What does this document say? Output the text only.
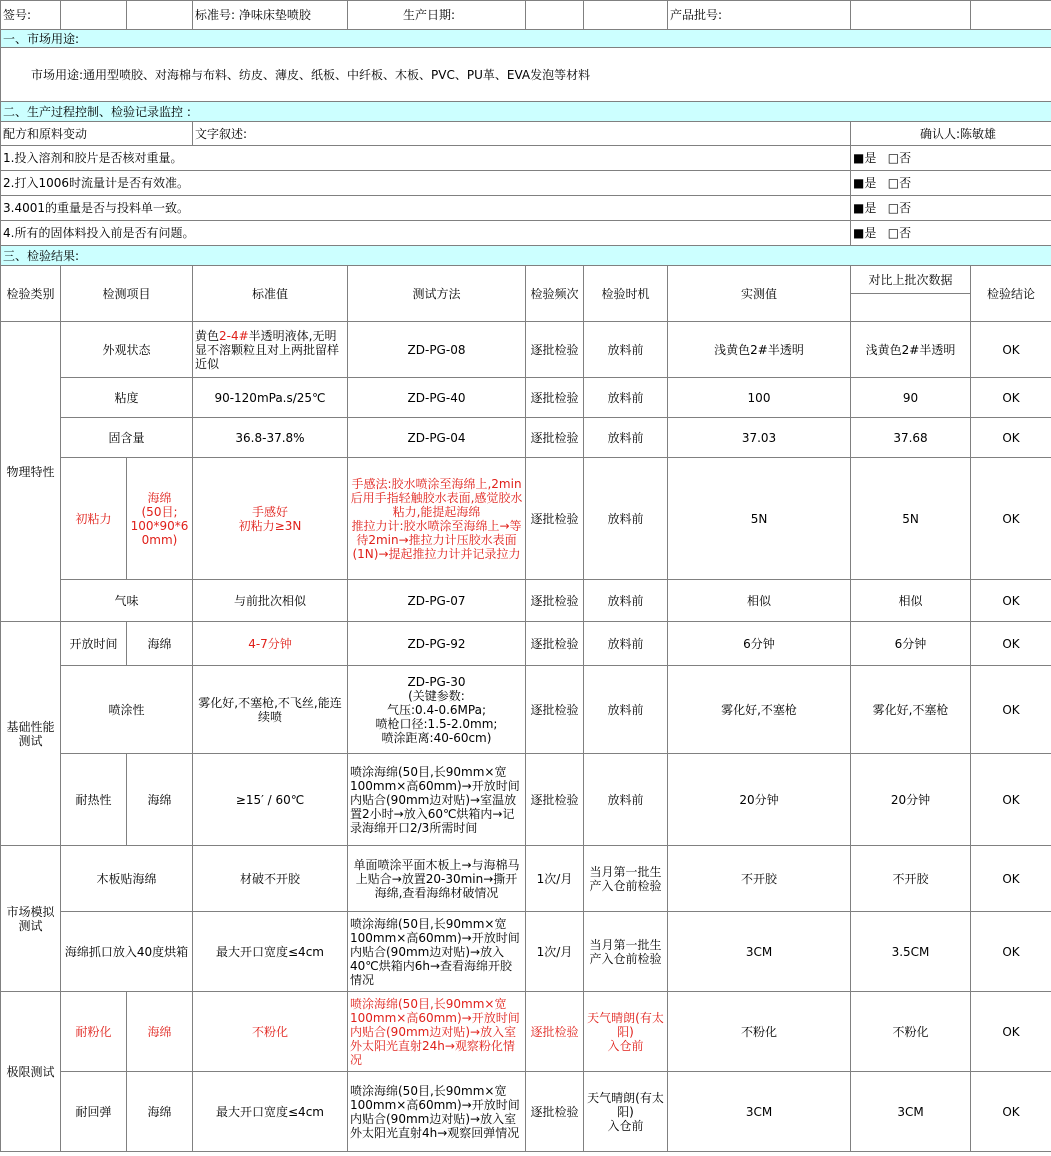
签号:			标准号: 净味床垫喷胶	生产日期:			产品批号:			
一、市场用途:										
市场用途:通用型喷胶、对海棉与布料、纺皮、薄皮、纸板、中纤板、木板、PVC、PU革、EVA发泡等材料										
二、生产过程控制、检验记录监控 :										
配方和原料变动			文字叙述:					确认人:陈敏雄		
1.投入溶剂和胶片是否核对重量。								■是 □否		
2.打入1006时流量计是否有效准。								■是 □否		
3.4001的重量是否与投料单一致。								■是 □否		
4.所有的固体料投入前是否有问题。								■是 □否		
三、检验结果:										
检验类别	检测项目		标准值	测试方法	检验频次	检验时机	实测值	对比上批次数据	检验结论	

物理特性	外观状态		黄色2-4#半透明液体,无明显不溶颗粒且对上两批留样近似	ZD-PG-08	逐批检验	放料前	浅黄色2#半透明	浅黄色2#半透明	OK	
	粘度		90-120mPa.s/25℃	ZD-PG-40	逐批检验	放料前	100	90	OK	
	固含量		36.8-37.8%	ZD-PG-04	逐批检验	放料前	37.03	37.68	OK	
	初粘力	海绵
(50目;
100*90*6
0mm)	手感好
初粘力≥3N	手感法:胶水喷涂至海绵上,2min后用手指轻触胶水表面,感觉胶水粘力,能提起海绵
推拉力计:胶水喷涂至海绵上→等待2min→推拉力计压胶水表面(1N)→提起推拉力计并记录拉力	逐批检验	放料前	5N	5N	OK	
	气味		与前批次相似	ZD-PG-07	逐批检验	放料前	相似	相似	OK	
基础性能测试	开放时间	海绵	4-7分钟	ZD-PG-92	逐批检验	放料前	6分钟	6分钟	OK	
	喷涂性		雾化好,不塞枪,不飞丝,能连续喷	ZD-PG-30
(关键参数:
气压:0.4-0.6MPa;
喷枪口径:1.5-2.0mm;
喷涂距离:40-60cm)	逐批检验	放料前	雾化好,不塞枪	雾化好,不塞枪	OK	
	耐热性	海绵	≥15′ / 60℃	喷涂海绵(50目,长90mm×宽100mm×高60mm)→开放时间内贴合(90mm边对贴)→室温放置2小时→放入60℃烘箱内→记录海绵开口2/3所需时间	逐批检验	放料前	20分钟	20分钟	OK	
市场模拟测试	木板贴海绵		材破不开胶	单面喷涂平面木板上→与海棉马上贴合→放置20-30min→撕开海绵,查看海绵材破情况	1次/月	当月第一批生产入仓前检验	不开胶	不开胶	OK	
	海绵抓口放入40度烘箱		最大开口宽度≤4cm	喷涂海绵(50目,长90mm×宽100mm×高60mm)→开放时间内贴合(90mm边对贴)→放入40℃烘箱内6h→查看海绵开胶情况	1次/月	当月第一批生产入仓前检验	3CM	3.5CM	OK	
极限测试	耐粉化	海绵	不粉化	喷涂海绵(50目,长90mm×宽100mm×高60mm)→开放时间内贴合(90mm边对贴)→放入室外太阳光直射24h→观察粉化情况	逐批检验	天气晴朗(有太阳)
入仓前	不粉化	不粉化	OK	
	耐回弹	海绵	最大开口宽度≤4cm	喷涂海绵(50目,长90mm×宽100mm×高60mm)→开放时间内贴合(90mm边对贴)→放入室外太阳光直射4h→观察回弹情况	逐批检验	天气晴朗(有太阳)
入仓前	3CM	3CM	OK	
